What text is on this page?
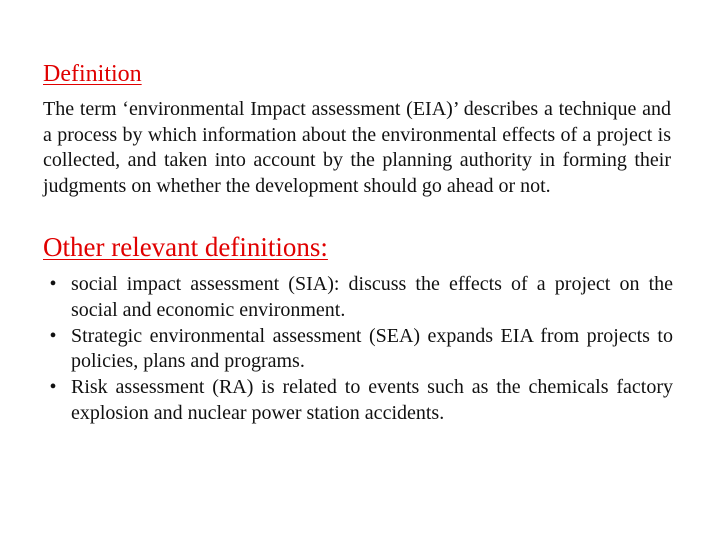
Definition

The term ‘environmental Impact assessment (EIA)’ describes a technique and a process by which information about the environmental effects of a project is collected, and taken into account by the planning authority in forming their judgments on whether the development should go ahead or not.

Other relevant definitions:
• social impact assessment (SIA): discuss the effects of a project on the social and economic environment.
• Strategic environmental assessment (SEA) expands EIA from projects to policies, plans and programs.
• Risk assessment (RA) is related to events such as the chemicals factory explosion and nuclear power station accidents.
